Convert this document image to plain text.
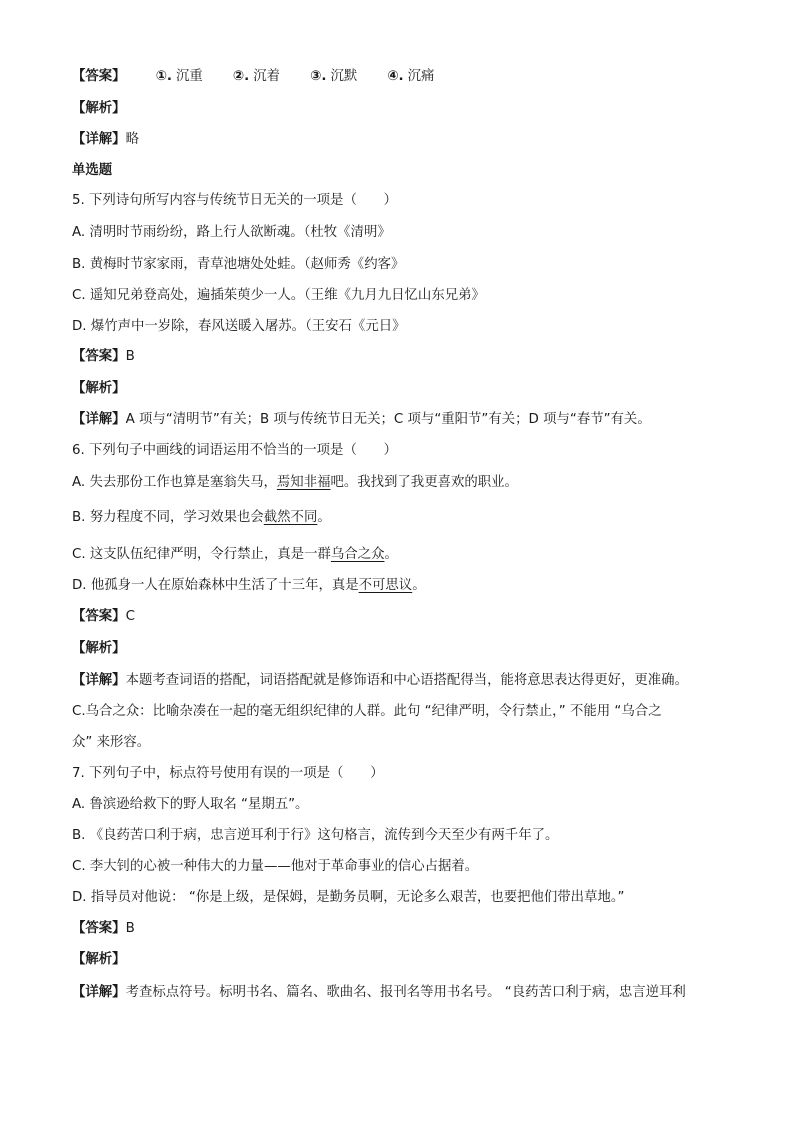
【答案】 ①. 沉重 ②. 沉着 ③. 沉默 ④. 沉痛
【解析】
【详解】略
单选题
5. 下列诗句所写内容与传统节日无关的一项是（　　）
A. 清明时节雨纷纷，路上行人欲断魂。（杜牧《清明》
B. 黄梅时节家家雨，青草池塘处处蛙。（赵师秀《约客》
C. 遥知兄弟登高处，遍插茱萸少一人。（王维《九月九日忆山东兄弟》
D. 爆竹声中一岁除，春风送暖入屠苏。（王安石《元日》
【答案】B
【解析】
【详解】A 项与“清明节”有关；B 项与传统节日无关；C 项与“重阳节”有关；D 项与“春节”有关。
6. 下列句子中画线的词语运用不恰当的一项是（　　）
A. 失去那份工作也算是塞翁失马，焉知非福吧。我找到了我更喜欢的职业。
B. 努力程度不同，学习效果也会截然不同。
C. 这支队伍纪律严明，令行禁止，真是一群乌合之众。
D. 他孤身一人在原始森林中生活了十三年，真是不可思议。
【答案】C
【解析】
【详解】本题考查词语的搭配，词语搭配就是修饰语和中心语搭配得当，能将意思表达得更好，更准确。
C.乌合之众：比喻杂凑在一起的毫无组织纪律的人群。此句 “纪律严明，令行禁止，” 不能用 “乌合之
众” 来形容。
7. 下列句子中，标点符号使用有误的一项是（　　）
A. 鲁滨逊给救下的野人取名 “星期五”。
B. 《良药苦口利于病，忠言逆耳利于行》这句格言，流传到今天至少有两千年了。
C. 李大钊的心被一种伟大的力量——他对于革命事业的信心占据着。
D. 指导员对他说： “你是上级，是保姆，是勤务员啊，无论多么艰苦，也要把他们带出草地。”
【答案】B
【解析】
【详解】考查标点符号。标明书名、篇名、歌曲名、报刊名等用书名号。 “良药苦口利于病，忠言逆耳利
